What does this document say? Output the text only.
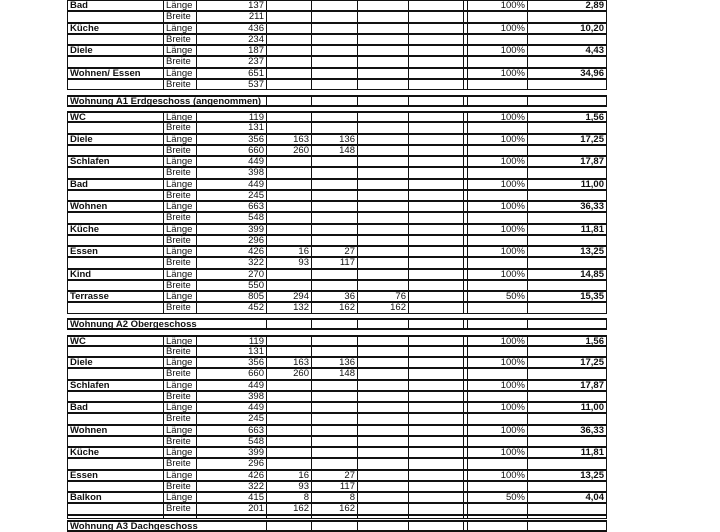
Bad	Länge	137	100%	2,89
Breite	211
Küche	Länge	436	100%	10,20
Breite	234
Diele	Länge	187	100%	4,43
Breite	237
Wohnen/ Essen	Länge	651	100%	34,96
Breite	537
Wohnung A1 Erdgeschoss (angenommen)
WC	Länge	119	100%	1,56
Breite	131
Diele	Länge	356	163	136	100%	17,25
Breite	660	260	148
Schlafen	Länge	449	100%	17,87
Breite	398
Bad	Länge	449	100%	11,00
Breite	245
Wohnen	Länge	663	100%	36,33
Breite	548
Küche	Länge	399	100%	11,81
Breite	296
Essen	Länge	426	16	27	100%	13,25
Breite	322	93	117
Kind	Länge	270	100%	14,85
Breite	550
Terrasse	Länge	805	294	36	76	50%	15,35
Breite	452	132	162	162
Wohnung A2 Obergeschoss
WC	Länge	119	100%	1,56
Breite	131
Diele	Länge	356	163	136	100%	17,25
Breite	660	260	148
Schlafen	Länge	449	100%	17,87
Breite	398
Bad	Länge	449	100%	11,00
Breite	245
Wohnen	Länge	663	100%	36,33
Breite	548
Küche	Länge	399	100%	11,81
Breite	296
Essen	Länge	426	16	27	100%	13,25
Breite	322	93	117
Balkon	Länge	415	8	8	50%	4,04
Breite	201	162	162
Wohnung A3 Dachgeschoss
